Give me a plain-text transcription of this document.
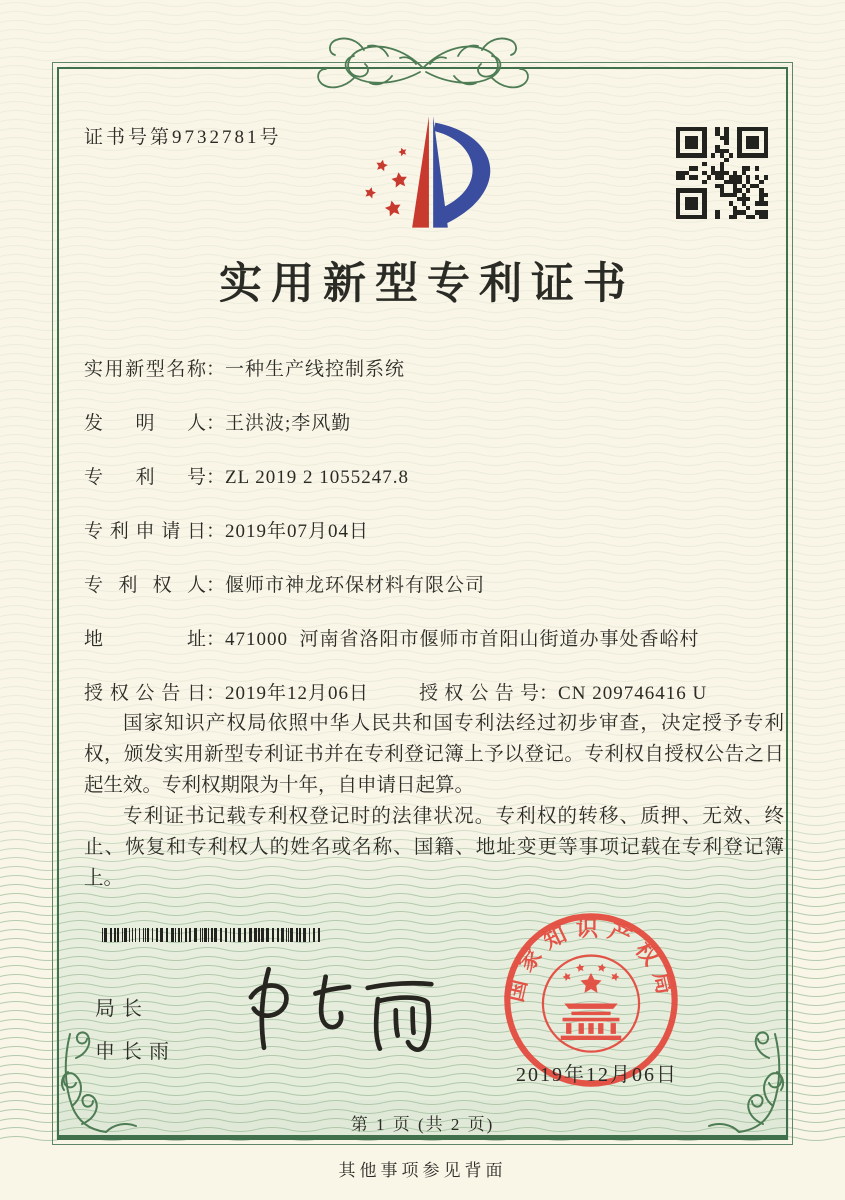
证书号第9732781号
实用新型专利证书
实用新型名称：一种生产线控制系统
发明人：王洪波;李风勤
专利号：ZL 2019 2 1055247.8
专利申请日：2019年07月04日
专利权人：偃师市神龙环保材料有限公司
地址：471000  河南省洛阳市偃师市首阳山街道办事处香峪村
授权公告日：2019年12月06日	授权公告号：CN 209746416 U

国家知识产权局依照中华人民共和国专利法经过初步审查，决定授予专利权，颁发实用新型专利证书并在专利登记簿上予以登记。专利权自授权公告之日起生效。专利权期限为十年，自申请日起算。

专利证书记载专利权登记时的法律状况。专利权的转移、质押、无效、终止、恢复和专利权人的姓名或名称、国籍、地址变更等事项记载在专利登记簿上。

局长
申长雨
国家知识产权局
2019年12月06日
第 1 页 (共 2 页)
其他事项参见背面
